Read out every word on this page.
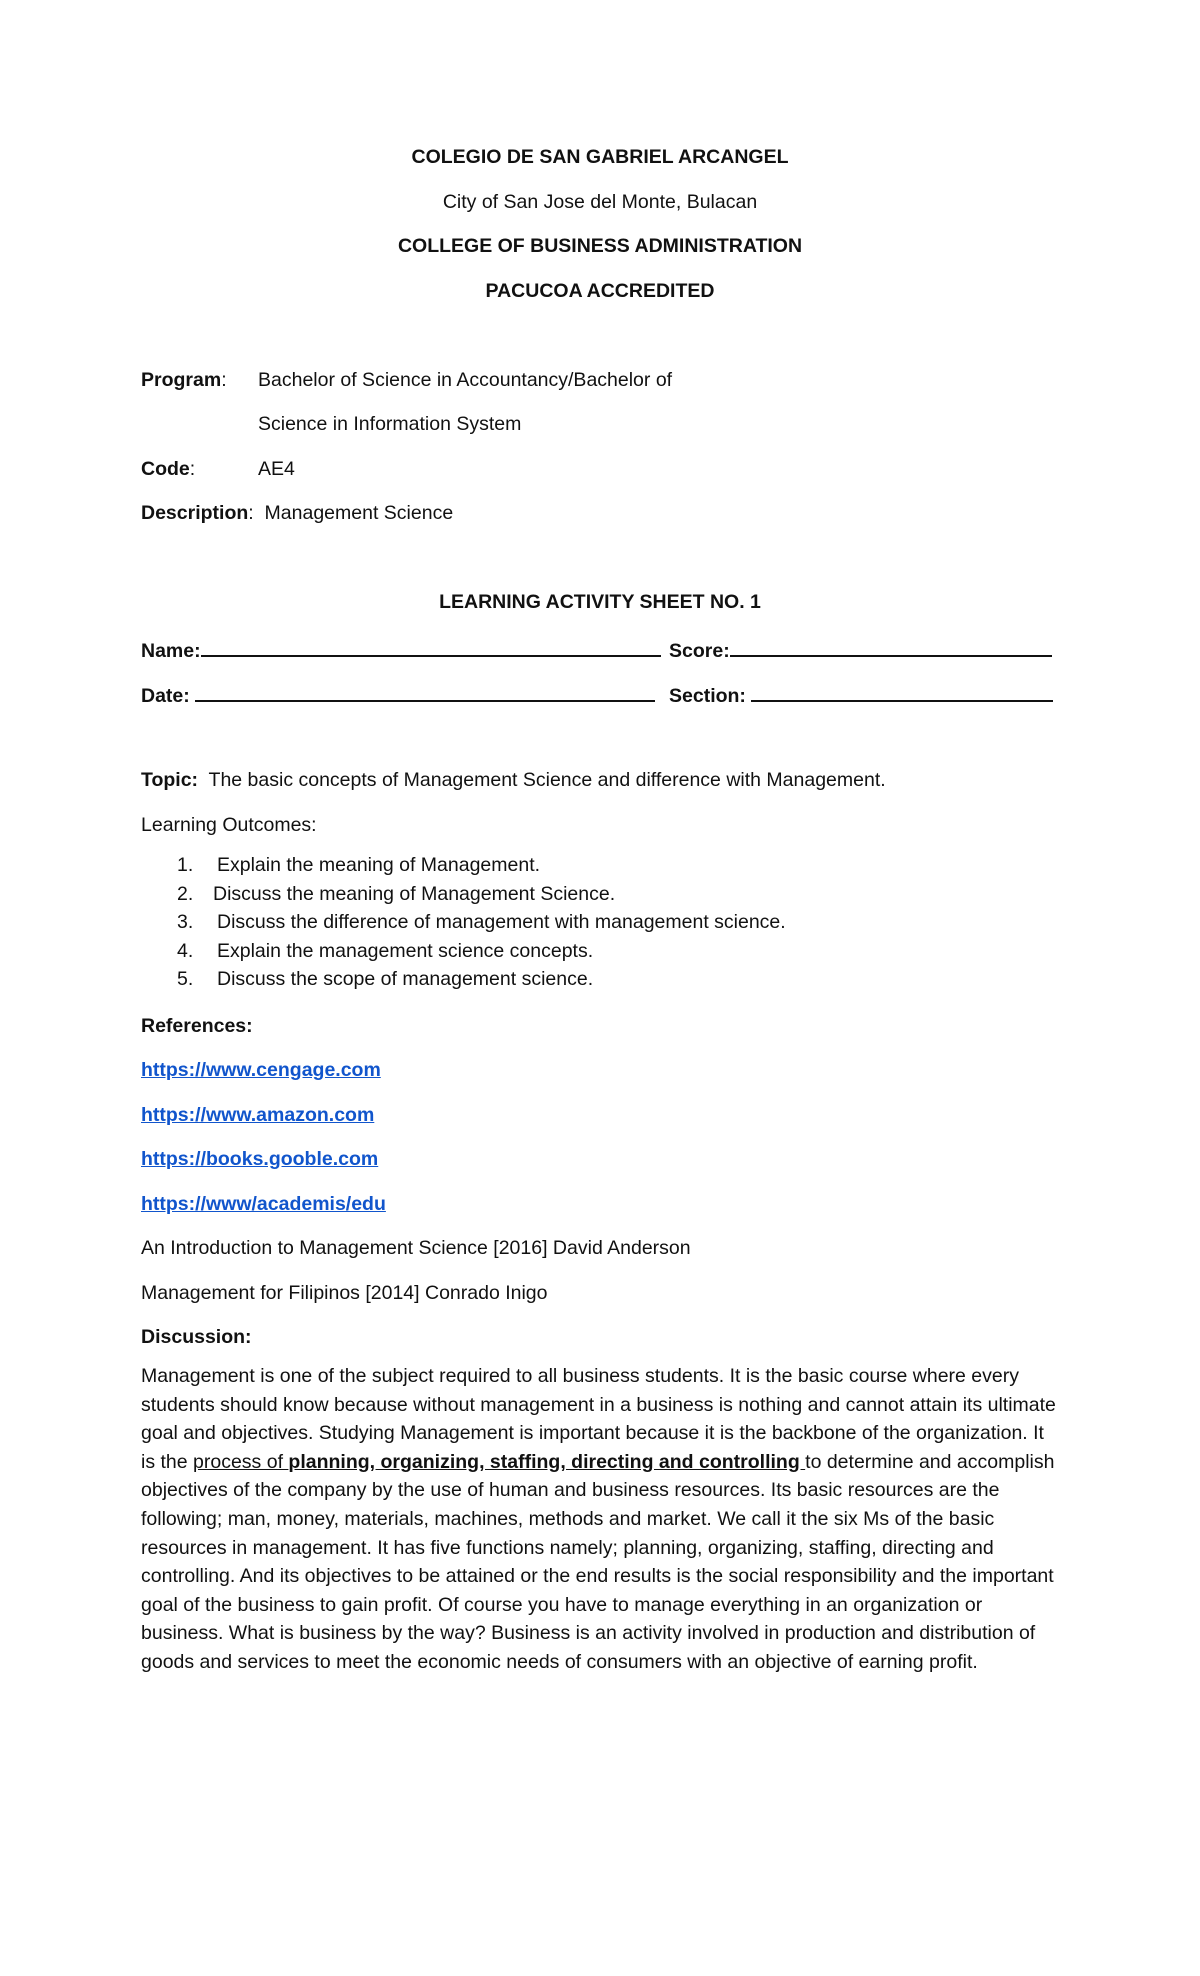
COLEGIO DE SAN GABRIEL ARCANGEL
City of San Jose del Monte, Bulacan
COLLEGE OF BUSINESS ADMINISTRATION
PACUCOA ACCREDITED
Program: Bachelor of Science in Accountancy/Bachelor of
Science in Information System
Code:	AE4
Description:  Management Science
LEARNING ACTIVITY SHEET NO. 1
Name:	Score:
Date:	Section:
Topic: The basic concepts of Management Science and difference with Management.
Learning Outcomes:
1. Explain the meaning of Management.
2. Discuss the meaning of Management Science.
3. Discuss the difference of management with management science.
4. Explain the management science concepts.
5. Discuss the scope of management science.
References:
https://www.cengage.com
https://www.amazon.com
https://books.gooble.com
https://www/academis/edu
An Introduction to Management Science [2016] David Anderson
Management for Filipinos [2014] Conrado Inigo
Discussion:
Management is one of the subject required to all business students. It is the basic course where every students should know because without management in a business is nothing and cannot attain its ultimate goal and objectives. Studying Management is important because it is the backbone of the organization. It is the process of planning, organizing, staffing, directing and controlling to determine and accomplish objectives of the company by the use of human and business resources. Its basic resources are the following; man, money, materials, machines, methods and market. We call it the six Ms of the basic resources in management. It has five functions namely; planning, organizing, staffing, directing and controlling. And its objectives to be attained or the end results is the social responsibility and the important goal of the business to gain profit. Of course you have to manage everything in an organization or business. What is business by the way? Business is an activity involved in production and distribution of goods and services to meet the economic needs of consumers with an objective of earning profit.
